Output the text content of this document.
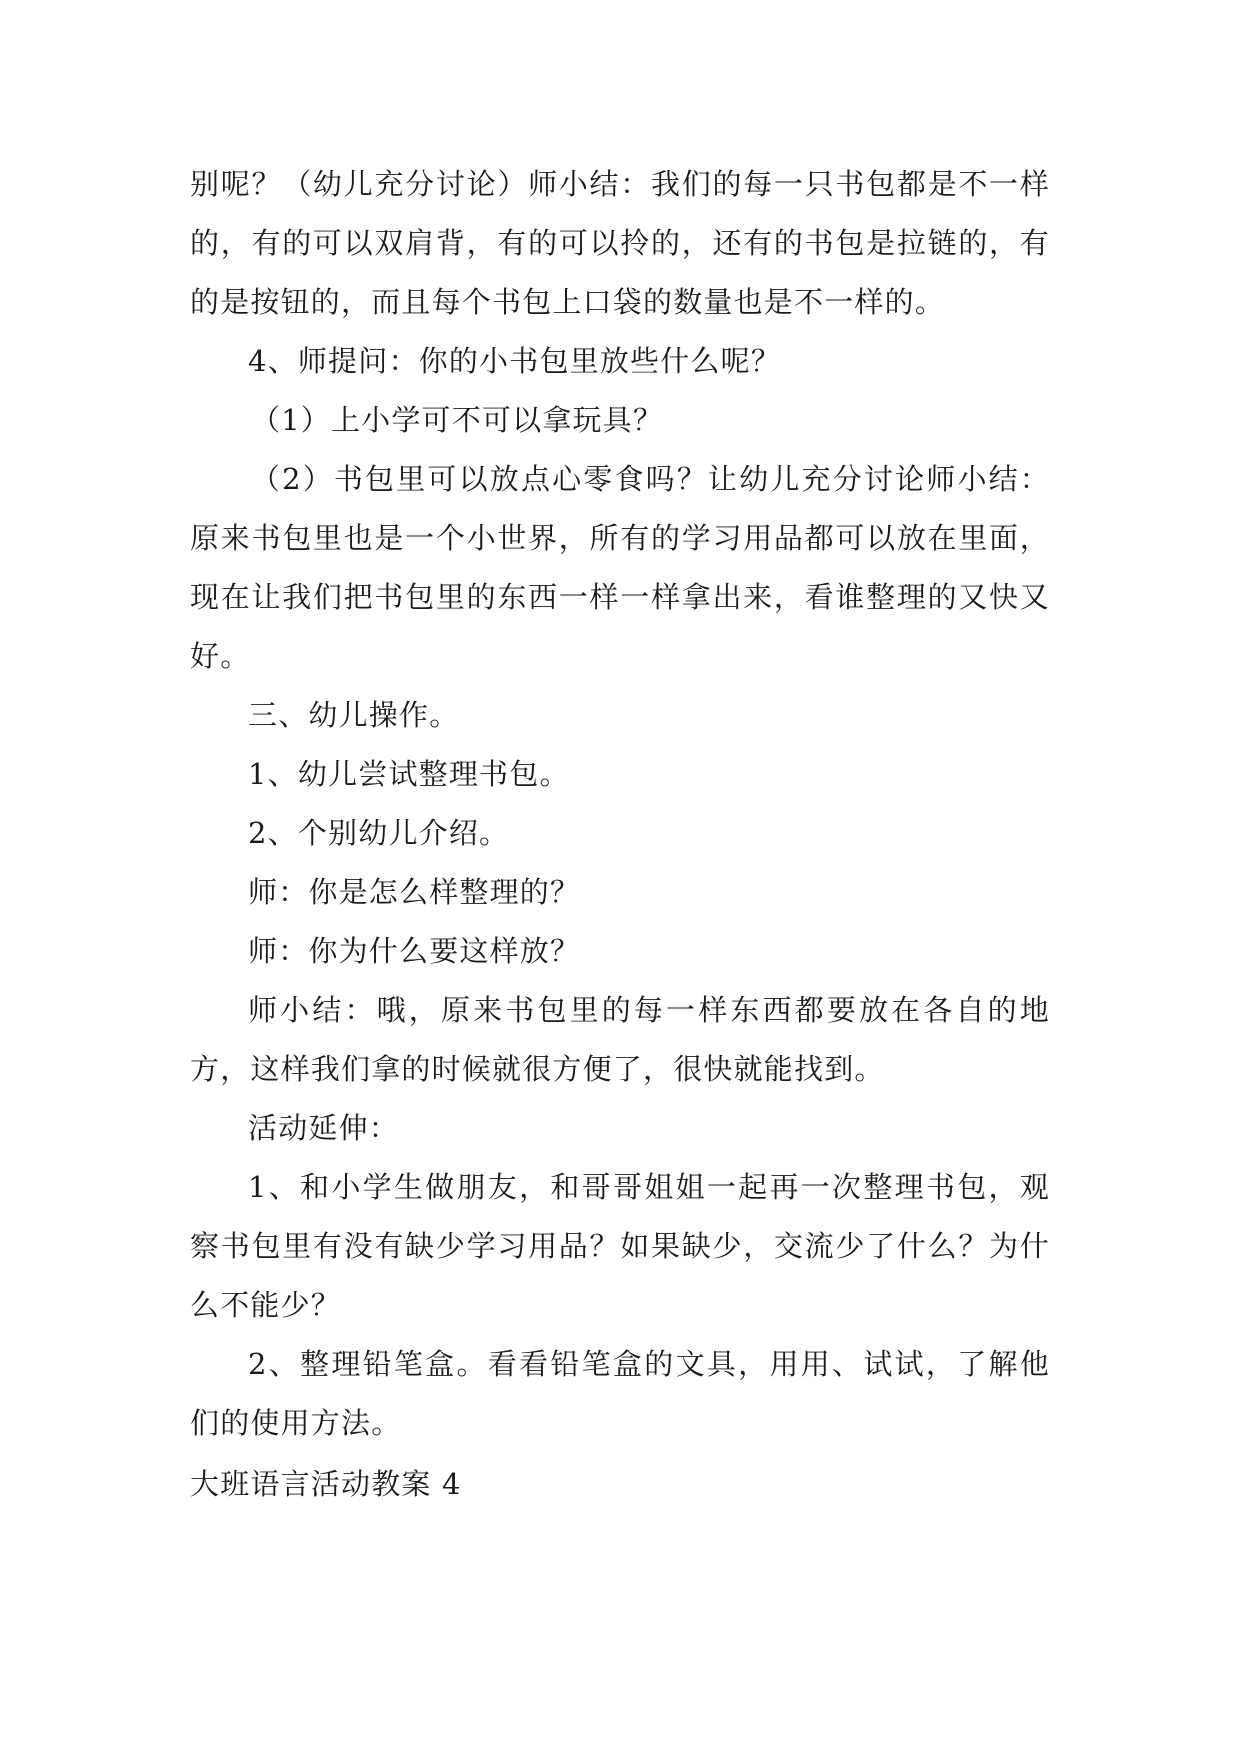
别呢？（幼儿充分讨论）师小结：我们的每一只书包都是不一样的，有的可以双肩背，有的可以拎的，还有的书包是拉链的，有的是按钮的，而且每个书包上口袋的数量也是不一样的。

4、师提问：你的小书包里放些什么呢？

（1）上小学可不可以拿玩具？

（2）书包里可以放点心零食吗？让幼儿充分讨论师小结：原来书包里也是一个小世界，所有的学习用品都可以放在里面，现在让我们把书包里的东西一样一样拿出来，看谁整理的又快又好。

三、幼儿操作。

1、幼儿尝试整理书包。

2、个别幼儿介绍。

师：你是怎么样整理的？

师：你为什么要这样放？

师小结：哦，原来书包里的每一样东西都要放在各自的地方，这样我们拿的时候就很方便了，很快就能找到。

活动延伸：

1、和小学生做朋友，和哥哥姐姐一起再一次整理书包，观察书包里有没有缺少学习用品？如果缺少，交流少了什么？为什么不能少？

2、整理铅笔盒。看看铅笔盒的文具，用用、试试，了解他们的使用方法。

大班语言活动教案 4
